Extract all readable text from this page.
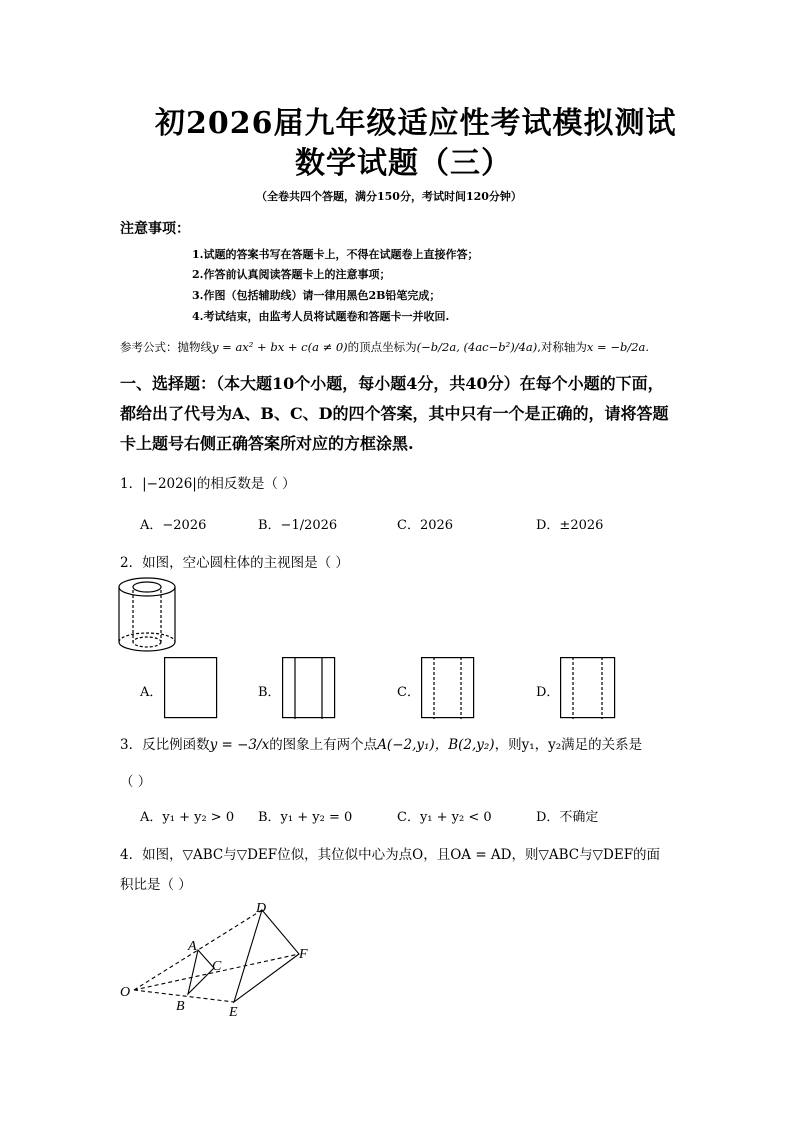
初2026届九年级适应性考试模拟测试
数学试题（三）
（全卷共四个答题，满分150分，考试时间120分钟）
注意事项：
1.试题的答案书写在答题卡上，不得在试题卷上直接作答；
2.作答前认真阅读答题卡上的注意事项；
3.作图（包括辅助线）请一律用黑色2B铅笔完成；
4.考试结束，由监考人员将试题卷和答题卡一并收回.
参考公式：抛物线y = ax² + bx + c(a ≠ 0)的顶点坐标为(−b/2a, (4ac−b²)/4a),对称轴为x = −b/2a.
一、选择题：（本大题10个小题，每小题4分，共40分）在每个小题的下面，
都给出了代号为A、B、C、D的四个答案，其中只有一个是正确的，请将答题
卡上题号右侧正确答案所对应的方框涂黑.
1．|−2026|的相反数是（ ）
A．−2026	B．−1/2026	C．2026	D．±2026
2．如图，空心圆柱体的主视图是（ ）
A．	B．	C．	D．
3．反比例函数y = −3/x的图象上有两个点A(−2,y₁)，B(2,y₂)，则y₁，y₂满足的关系是
（ ）
A．y₁ + y₂ > 0 B．y₁ + y₂ = 0	C．y₁ + y₂ < 0	D．不确定
4．如图，▽ABC与▽DEF位似，其位似中心为点O，且OA = AD，则▽ABC与▽DEF的面
积比是（ ）
O
A
B
C
D
E
F
